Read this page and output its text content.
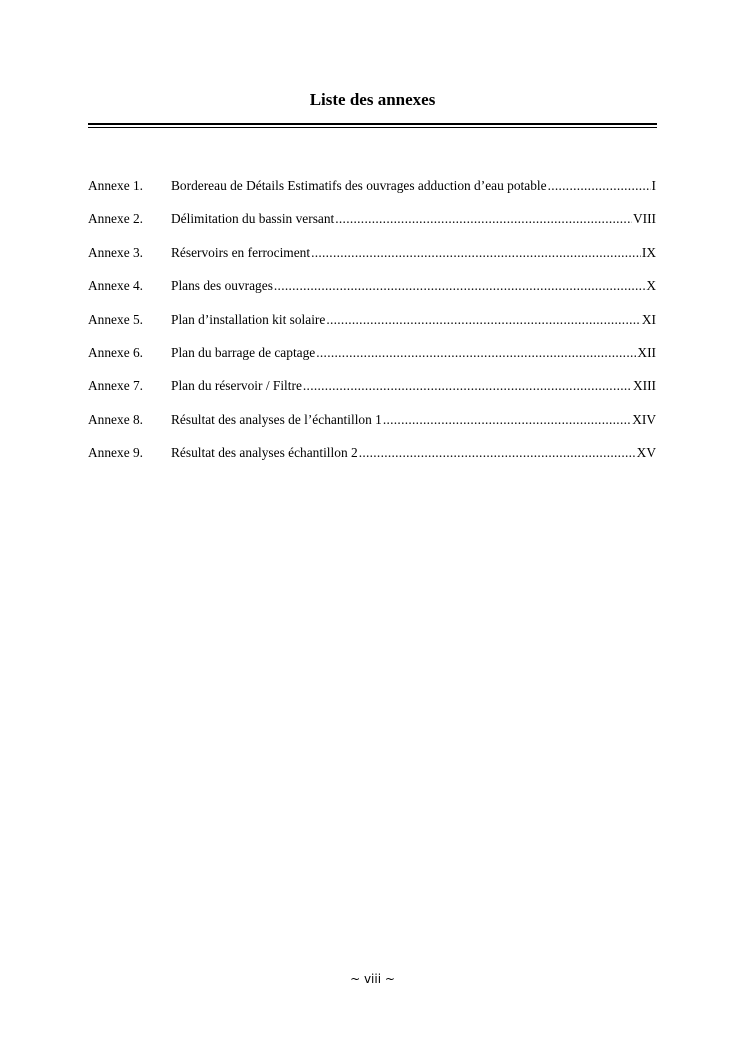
Liste des annexes
Annexe 1.	Bordereau de Détails Estimatifs des ouvrages adduction d’eau potable .....	I
Annexe 2.	Délimitation du bassin versant .....	VIII
Annexe 3.	Réservoirs en ferrociment .....	IX
Annexe 4.	Plans des ouvrages .....	X
Annexe 5.	Plan d’installation kit solaire .....	XI
Annexe 6.	Plan du barrage de captage .....	XII
Annexe 7.	Plan du réservoir / Filtre .....	XIII
Annexe 8.	Résultat des analyses de l’échantillon 1 .....	XIV
Annexe 9.	Résultat des analyses échantillon 2 .....	XV
~ viii ~
